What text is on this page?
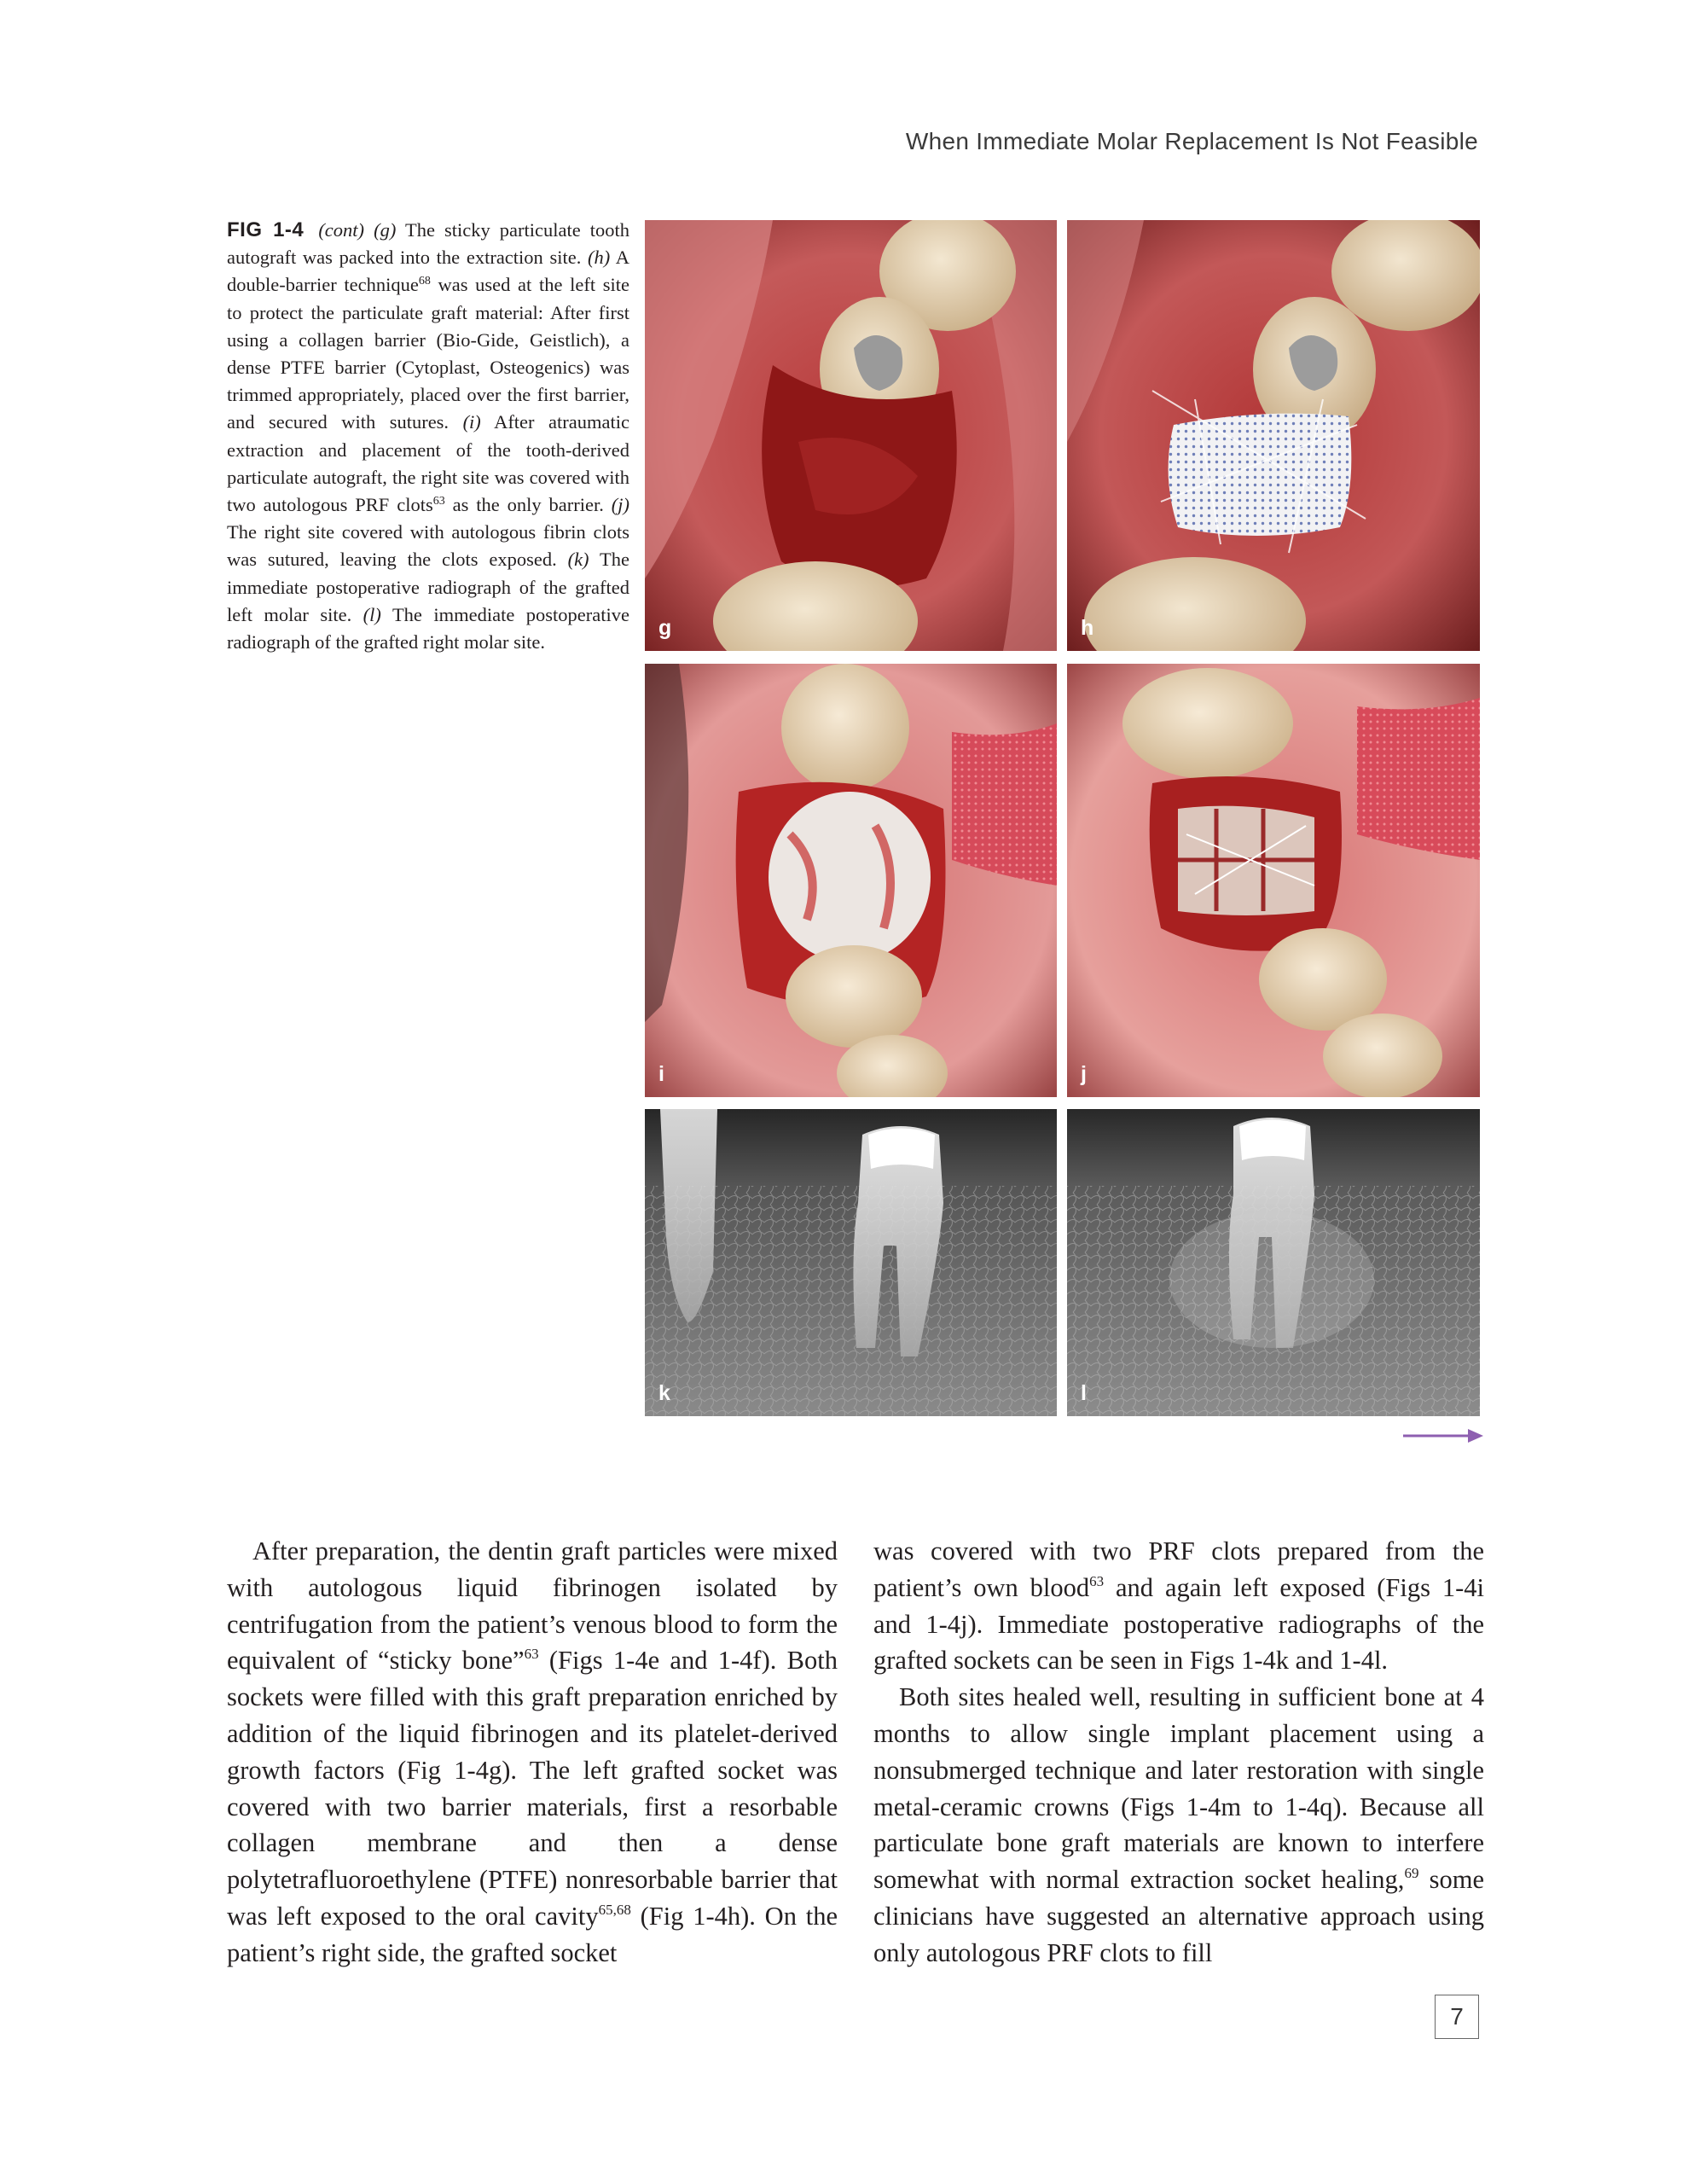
When Immediate Molar Replacement Is Not Feasible
FIG 1-4 (cont) (g) The sticky particulate tooth autograft was packed into the extraction site. (h) A double-barrier technique$^{68}$ was used at the left site to protect the particulate graft material: After first using a collagen barrier (Bio-Gide, Geistlich), a dense PTFE barrier (Cytoplast, Osteogenics) was trimmed appropriately, placed over the first barrier, and secured with sutures. (i) After atraumatic extraction and placement of the tooth-derived particulate autograft, the right site was covered with two autologous PRF clots$^{63}$ as the only barrier. (j) The right site covered with autologous fibrin clots was sutured, leaving the clots exposed. (k) The immediate postoperative radiograph of the grafted left molar site. (l) The immediate postoperative radiograph of the grafted right molar site.
g	h
i	j
k	l

After preparation, the dentin graft particles were mixed with autologous liquid fibrinogen isolated by centrifugation from the patient’s venous blood to form the equivalent of “sticky bone”$^{63}$ (Figs 1-4e and 1-4f). Both sockets were filled with this graft preparation enriched by addition of the liquid fibrinogen and its platelet-derived growth factors (Fig 1-4g). The left grafted socket was covered with two barrier materials, first a resorbable collagen membrane and then a dense polytetrafluoroethylene (PTFE) nonresorbable barrier that was left exposed to the oral cavity$^{65,68}$ (Fig 1-4h). On the patient’s right side, the grafted socket

was covered with two PRF clots prepared from the patient’s own blood$^{63}$ and again left exposed (Figs 1-4i and 1-4j). Immediate postoperative radiographs of the grafted sockets can be seen in Figs 1-4k and 1-4l.

Both sites healed well, resulting in sufficient bone at 4 months to allow single implant placement using a nonsubmerged technique and later restoration with single metal-ceramic crowns (Figs 1-4m to 1-4q). Because all particulate bone graft materials are known to interfere somewhat with normal extraction socket healing,$^{69}$ some clinicians have suggested an alternative approach using only autologous PRF clots to fill

7
